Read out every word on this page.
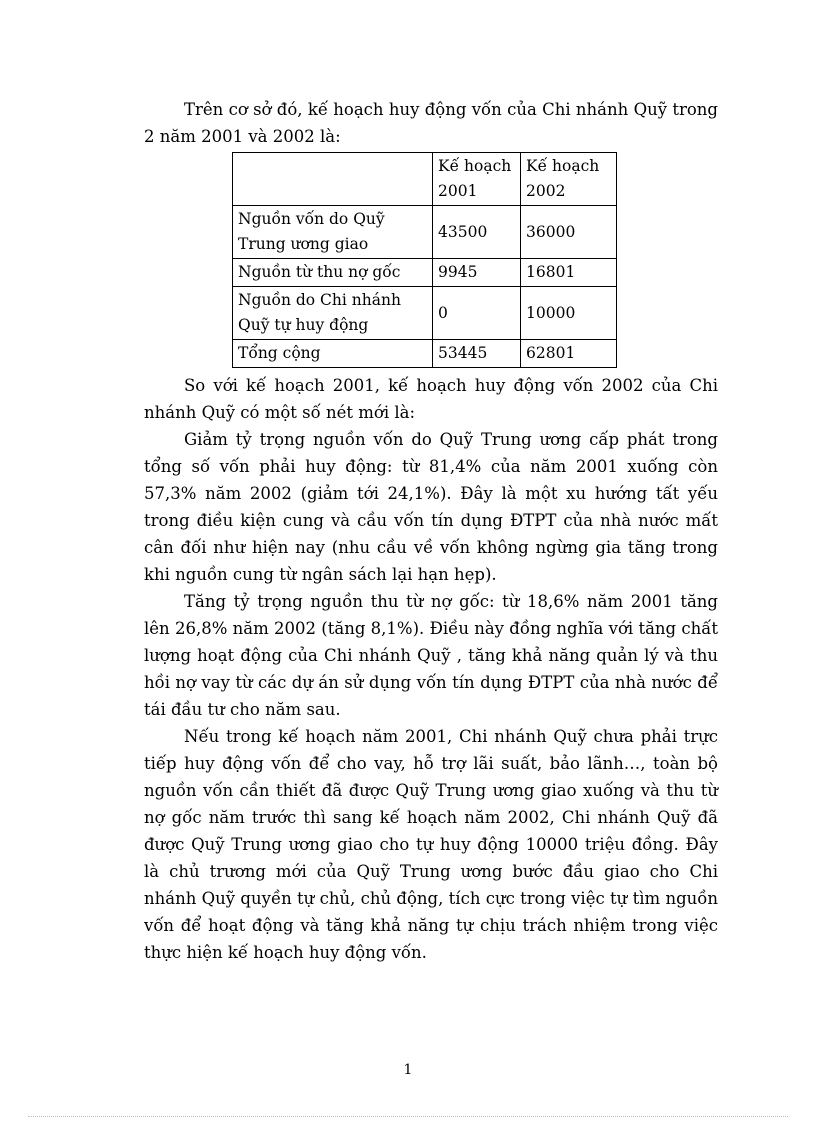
Trên cơ sở đó, kế hoạch huy động vốn của Chi nhánh Quỹ trong 2 năm 2001 và 2002 là:

	Kế hoạch 2001	Kế hoạch 2002
Nguồn vốn do Quỹ Trung ương giao	43500	36000
Nguồn từ thu nợ gốc	9945	16801
Nguồn do Chi nhánh Quỹ tự huy động	0	10000
Tổng cộng	53445	62801

So với kế hoạch 2001, kế hoạch huy động vốn 2002 của Chi nhánh Quỹ có một số nét mới là:

Giảm tỷ trọng nguồn vốn do Quỹ Trung ương cấp phát trong tổng số vốn phải huy động: từ 81,4% của năm 2001 xuống còn 57,3% năm 2002 (giảm tới 24,1%). Đây là một xu hướng tất yếu trong điều kiện cung và cầu vốn tín dụng ĐTPT của nhà nước mất cân đối như hiện nay (nhu cầu về vốn không ngừng gia tăng trong khi nguồn cung từ ngân sách lại hạn hẹp).

Tăng tỷ trọng nguồn thu từ nợ gốc: từ 18,6% năm 2001 tăng lên 26,8% năm 2002 (tăng 8,1%). Điều này đồng nghĩa với tăng chất lượng hoạt động của Chi nhánh Quỹ , tăng khả năng quản lý và thu hồi nợ vay từ các dự án sử dụng vốn tín dụng ĐTPT của nhà nước để tái đầu tư cho năm sau.

Nếu trong kế hoạch năm 2001, Chi nhánh Quỹ chưa phải trực tiếp huy động vốn để cho vay, hỗ trợ lãi suất, bảo lãnh…, toàn bộ nguồn vốn cần thiết đã được Quỹ Trung ương giao xuống và thu từ nợ gốc năm trước thì sang kế hoạch năm 2002, Chi nhánh Quỹ đã được Quỹ Trung ương giao cho tự huy động 10000 triệu đồng. Đây là chủ trương mới của Quỹ Trung ương bước đầu giao cho Chi nhánh Quỹ quyền tự chủ, chủ động, tích cực trong việc tự tìm nguồn vốn để hoạt động và tăng khả năng tự chịu trách nhiệm trong việc thực hiện kế hoạch huy động vốn.

1
